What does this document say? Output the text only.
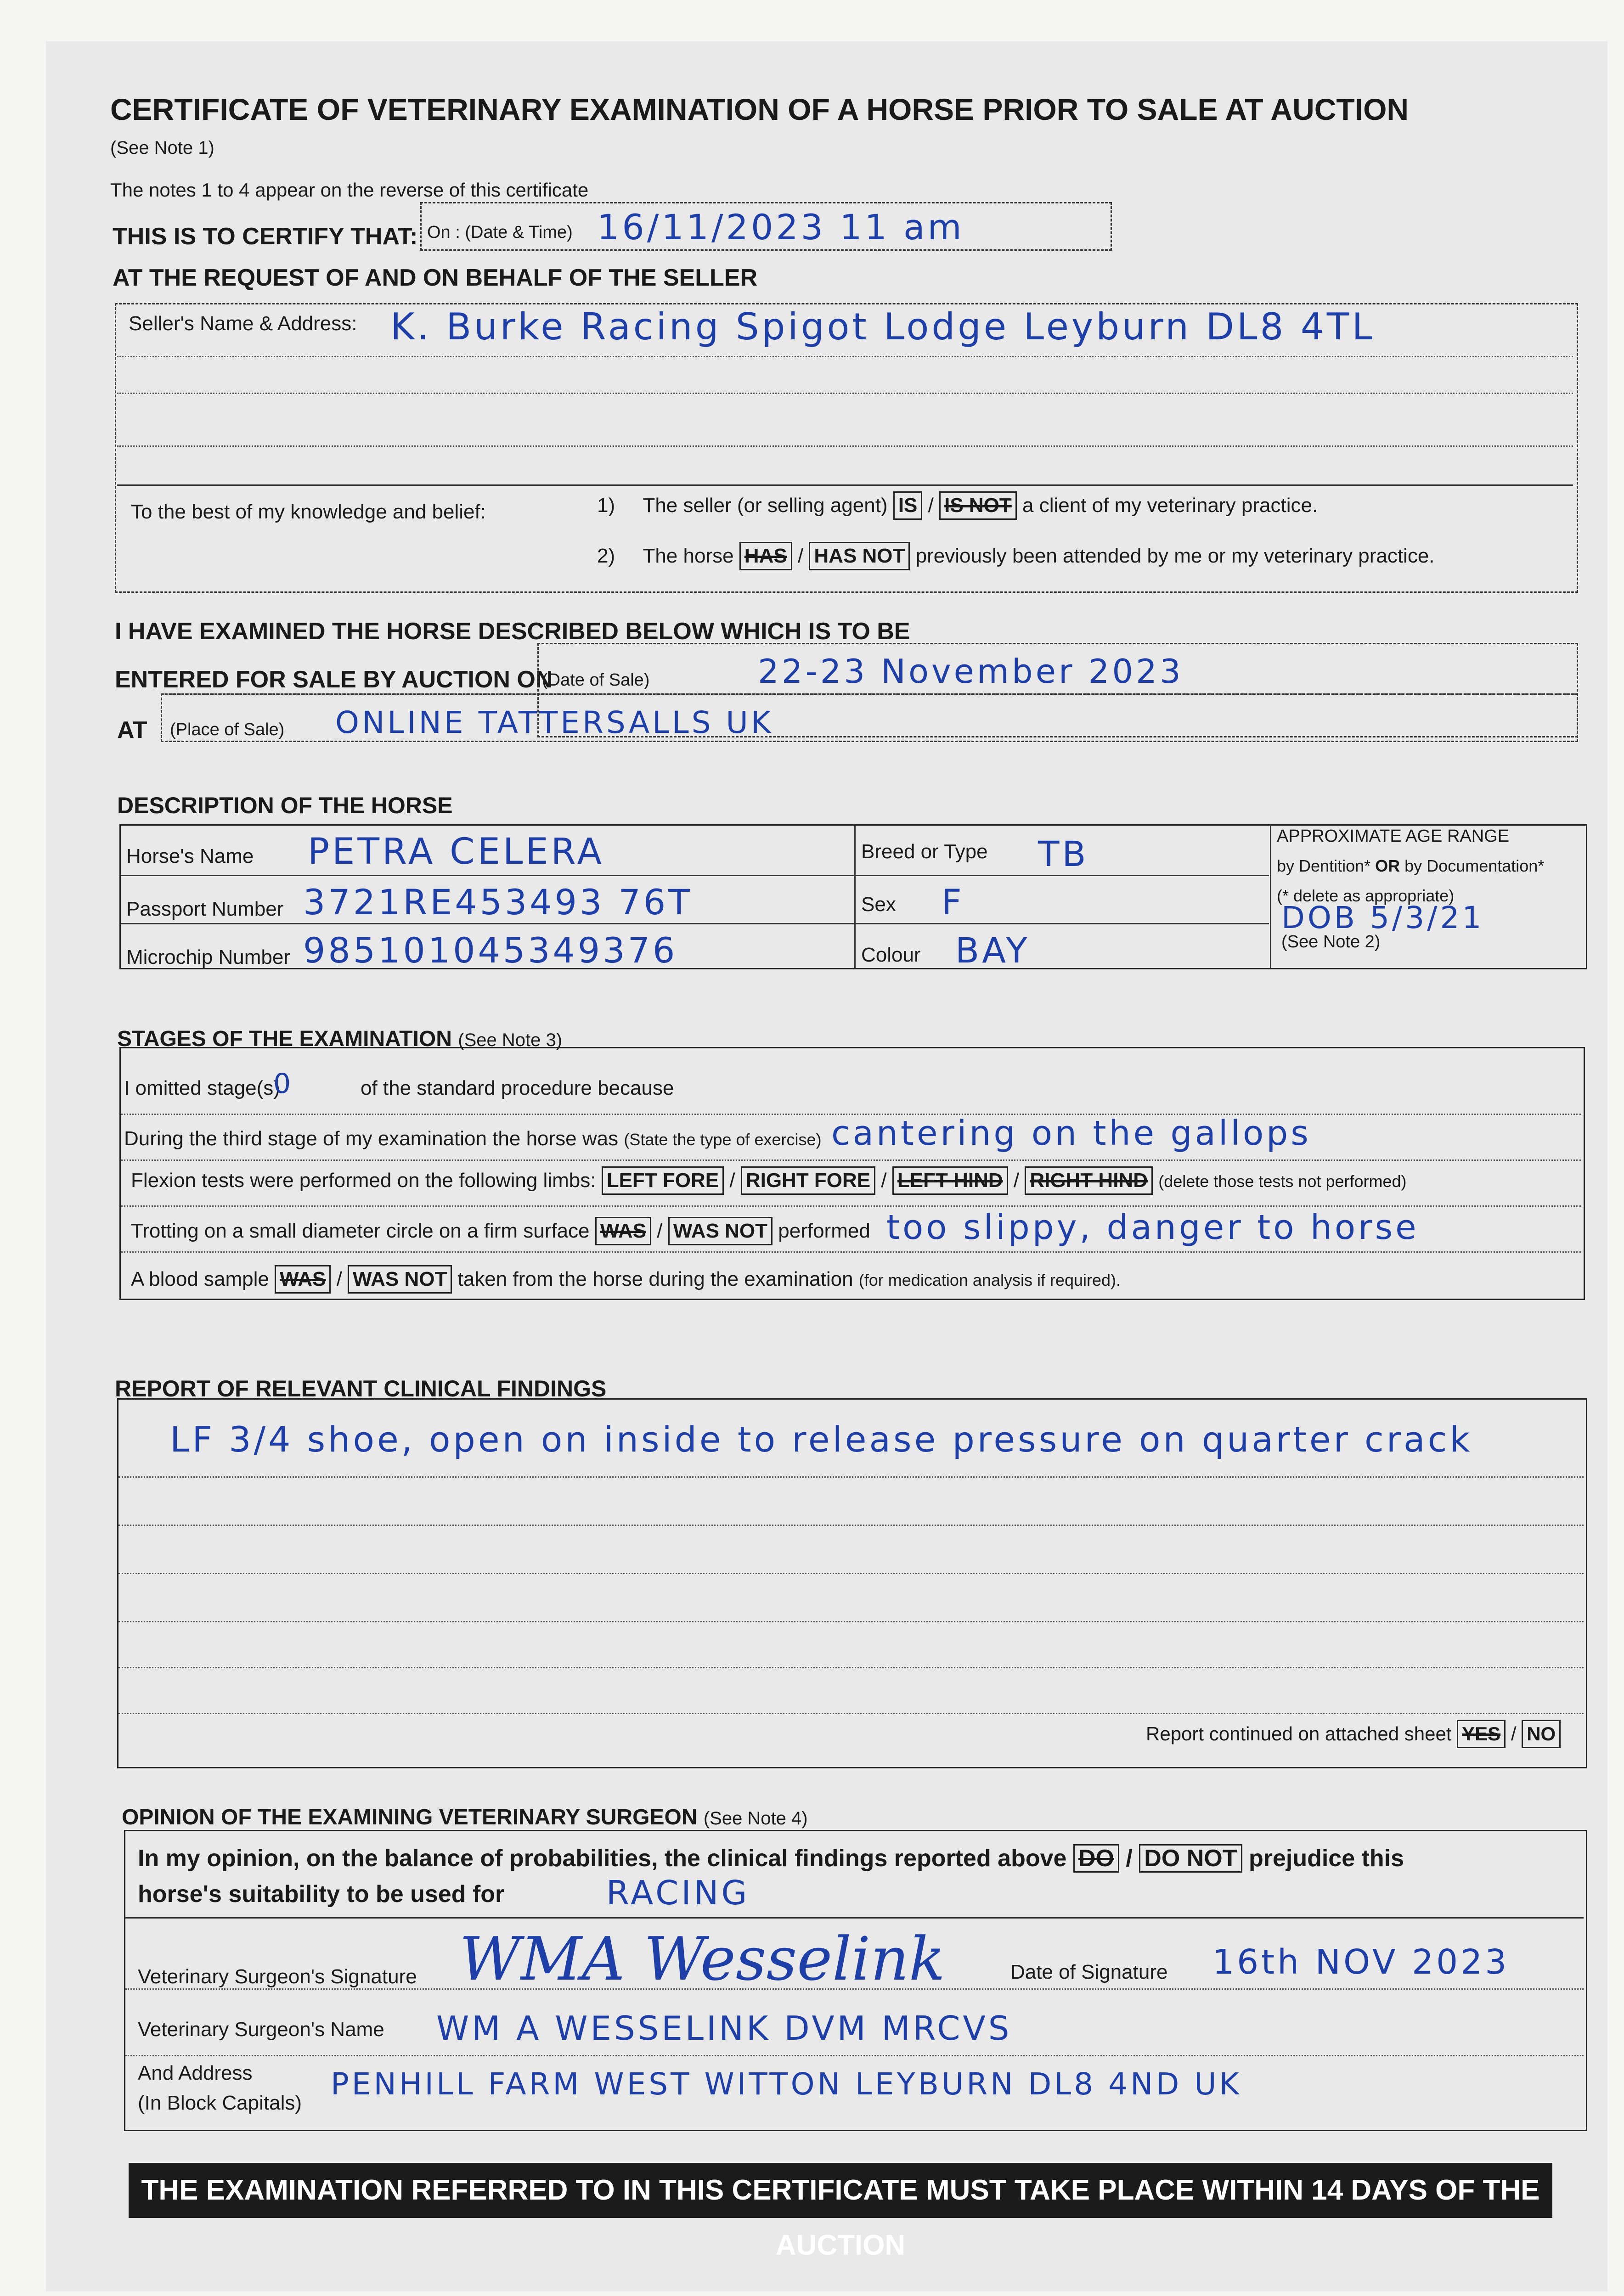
CERTIFICATE OF VETERINARY EXAMINATION OF A HORSE PRIOR TO SALE AT AUCTION
(See Note 1)
The notes 1 to 4 appear on the reverse of this certificate
THIS IS TO CERTIFY THAT: On : (Date & Time) 16/11/2023 11 am
AT THE REQUEST OF AND ON BEHALF OF THE SELLER
Seller's Name & Address: K. Burke Racing Spigot Lodge Leyburn DL8 4TL
To the best of my knowledge and belief:	1) The seller (or selling agent) IS / IS NOT a client of my veterinary practice.
2) The horse HAS / HAS NOT previously been attended by me or my veterinary practice.
I HAVE EXAMINED THE HORSE DESCRIBED BELOW WHICH IS TO BE
ENTERED FOR SALE BY AUCTION ON
(Date of Sale)	22-23 November 2023
AT (Place of Sale) ONLINE TATTERSALLS UK
DESCRIPTION OF THE HORSE
Horse's Name PETRA CELERA
Passport Number 3721RE453493 76T
Microchip Number 985101045349376
Breed or Type TB
Sex F
Colour BAY
APPROXIMATE AGE RANGE
by Dentition* OR by Documentation*
(* delete as appropriate)
(See Note 2)
DOB 5/3/21
STAGES OF THE EXAMINATION (See Note 3)
I omitted stage(s)
0	of the standard procedure because
During the third stage of my examination the horse was (State the type of exercise) cantering on the gallops
Flexion tests were performed on the following limbs: LEFT FORE / RIGHT FORE / LEFT HIND / RIGHT HIND (delete those tests not performed)
Trotting on a small diameter circle on a firm surface WAS / WAS NOT performed too slippy, danger to horse
A blood sample WAS / WAS NOT taken from the horse during the examination (for medication analysis if required).
REPORT OF RELEVANT CLINICAL FINDINGS
LF 3/4 shoe, open on inside to release pressure on quarter crack
Report continued on attached sheet YES / NO
OPINION OF THE EXAMINING VETERINARY SURGEON (See Note 4)
In my opinion, on the balance of probabilities, the clinical findings reported above DO / DO NOT prejudice this
horse's suitability to be used for	RACING
Veterinary Surgeon's Signature WMA Wesselink	Date of Signature 16th NOV 2023
Veterinary Surgeon's Name WM A WESSELINK DVM MRCVS
And Address
(In Block Capitals)
PENHILL FARM WEST WITTON LEYBURN DL8 4ND UK
THE EXAMINATION REFERRED TO IN THIS CERTIFICATE MUST TAKE PLACE WITHIN 14 DAYS OF THE AUCTION
